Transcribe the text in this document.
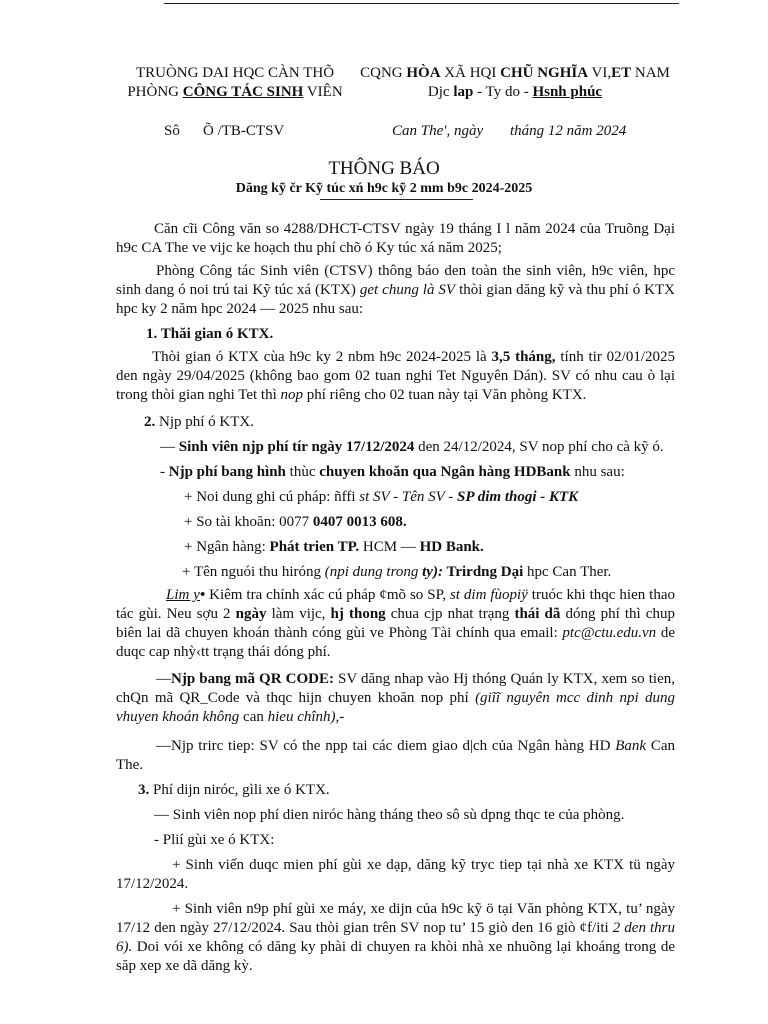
TRUÒNG DAI HQC CÀN THÕ
PHÒNG CÔNG TÁC SINH VIÊN
CQNG HÒA XÃ HQI CHŨ NGHĨA VI,ET NAM
Djc lap - Ty do - Hsnh phúc
Sô Õ /TB-CTSV	Can The', ngày tháng 12 năm 2024
THÔNG BÁO
Dăng kỹ čr Kỹ túc xń h9c kỹ 2 mm b9c 2024-2025

Căn cĩi Công văn so 4288/DHCT-CTSV ngày 19 tháng I l năm 2024 của Truõng Dại h9c CA The ve vijc ke hoạch thu phí chõ ó Ky túc xá năm 2025;

Phòng Công tác Sinh viên (CTSV) thông báo den toàn the sinh viên, h9c viên, hpc sinh dang ó noi trú tai Kỹ túc xá (KTX) get chung là SV thòi gian dăng kỹ và thu phí ó KTX hpc ky 2 năm hpc 2024 — 2025 nhu sau:

1. Thăi gian ó KTX.

Thòi gian ó KTX cùa h9c ky 2 nbm h9c 2024-2025 là 3,5 tháng, tính tir 02/01/2025 den ngày 29/04/2025 (không bao gom 02 tuan nghi Tet Nguyên Dán). SV có nhu cau ò lại trong thòi gian nghi Tet thì nop phí riêng cho 02 tuan này tại Văn phòng KTX.

2. Njp phí ó KTX.

— Sinh viên njp phí tír ngày 17/12/2024 den 24/12/2024, SV nop phí cho cà kỹ ó.

- Njp phí bang hình thùc chuyen khoăn qua Ngân hàng HDBank nhu sau:

+ Noi dung ghi cú pháp: ñffi st SV - Tên SV - SP dim thogi - KTK

+ So tài khoăn: 0077 0407 0013 608.

+ Ngân hàng: Phát trien TP. HCM — HD Bank.

+ Tên nguói thu hiróng (npi dung trong ty): Trirdng Dại hpc Can Ther.

Lim y• Kiêm tra chính xác cú pháp ¢mõ so SP, st dim fùopiÿ truóc khi thqc hien thao tác gùi. Neu sợu 2 ngày làm vijc, hj thong chua cjp nhat trạng thái dã dóng phí thì chup biên lai dã chuyen khoán thành cóng gùi ve Phòng Tài chính qua email: ptc@ctu.edu.vn de duqc cap nhỳ‹tt trạng thái dóng phí.

—Njp bang mã QR CODE: SV dăng nhap vào Hj thóng Quán ly KTX, xem so tien, chQn mã QR_Code và thqc hijn chuyen khoăn nop phí (giĩĩ nguyên mcc dinh npi dung vhuyen khoán không can hieu chînh),-

—Njp trirc tiep: SV có the npp tai các diem giao d|ch của Ngân hàng HD Bank Can The.

3. Phí dijn niróc, gìli xe ó KTX.

— Sinh viên nop phí dien niróc hàng tháng theo sô sù dpng thqc te của phòng.

- Plií gùi xe ó KTX:

+ Sinh viến duqc mien phí gùi xe dạp, dăng kỹ tryc tiep tại nhà xe KTX tü ngày 17/12/2024.

+ Sinh viên n9p phí gùi xe máy, xe dijn của h9c kỹ ö tại Văn phòng KTX, tu’ ngày 17/12 den ngày 27/12/2024. Sau thòi gian trên SV nop tu’ 15 giò den 16 giò ¢f/iti 2 den thru 6). Doi vói xe không có dăng ky phài di chuyen ra khòi nhà xe nhuõng lại khoáng trong de săp xep xe dã dăng kỳ.
